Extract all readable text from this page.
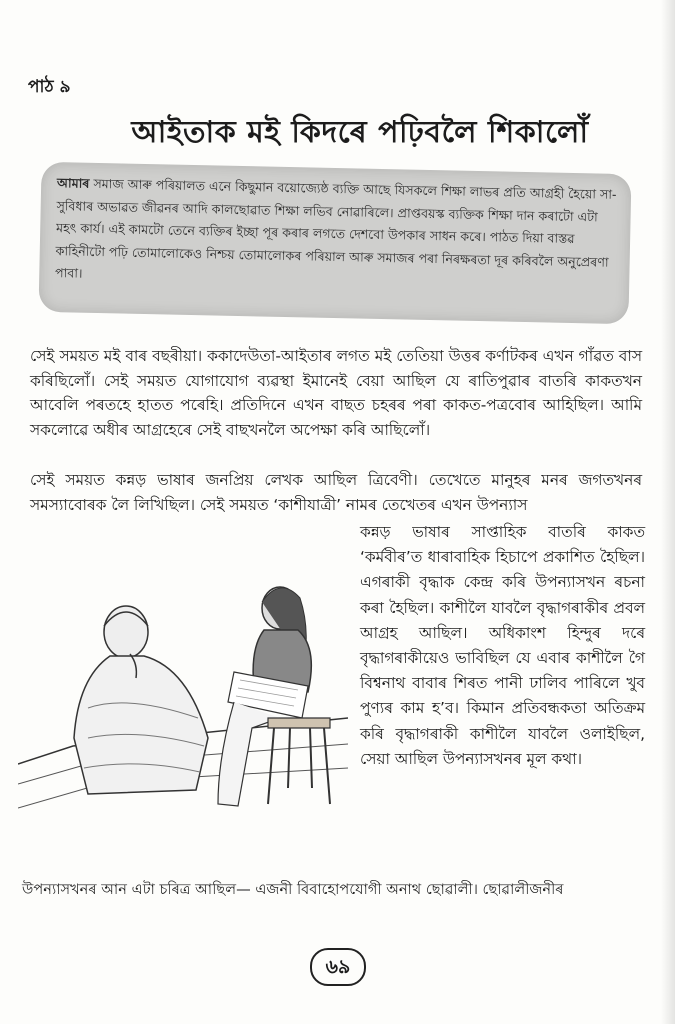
পাঠ ৯
আইতাক মই কিদৰে পঢ়িবলৈ শিকালোঁ
আমাৰ সমাজ আৰু পৰিয়ালত এনে কিছুমান বয়োজ্যেষ্ঠ ব্যক্তি আছে যিসকলে শিক্ষা লাভৰ প্ৰতি আগ্ৰহী হৈয়ো সা-সুবিধাৰ অভাৱত জীৱনৰ আদি কালছোৱাত শিক্ষা লভিব নোৱাৰিলে। প্ৰাপ্তবয়স্ক ব্যক্তিক শিক্ষা দান কৰাটো এটা মহৎ কাৰ্য। এই কামটো তেনে ব্যক্তিৰ ইচ্ছা পূৰ কৰাৰ লগতে দেশবো উপকাৰ সাধন কৰে। পাঠত দিয়া বাস্তৱ কাহিনীটো পঢ়ি তোমালোকেও নিশ্চয় তোমালোকৰ পৰিয়াল আৰু সমাজৰ পৰা নিৰক্ষৰতা দূৰ কৰিবলৈ অনুপ্ৰেৰণা পাবা।
সেই সময়ত মই বাৰ বছৰীয়া। ককাদেউতা-আইতাৰ লগত মই তেতিয়া উত্তৰ কৰ্ণাটকৰ এখন গাঁৱত বাস কৰিছিলোঁ। সেই সময়ত যোগাযোগ ব্যৱস্থা ইমানেই বেয়া আছিল যে ৰাতিপুৱাৰ বাতৰি কাকতখন আবেলি পৰতহে হাতত পৰেহি। প্ৰতিদিনে এখন বাছত চহৰৰ পৰা কাকত-পত্ৰবোৰ আহিছিল। আমি সকলোৱে অধীৰ আগ্ৰহেৰে সেই বাছখনলৈ অপেক্ষা কৰি আছিলোঁ।
সেই সময়ত কন্নড় ভাষাৰ জনপ্ৰিয় লেখক আছিল ত্ৰিবেণী। তেখেতে মানুহৰ মনৰ জগতখনৰ সমস্যাবোৰক লৈ লিখিছিল। সেই সময়ত ‘কাশীযাত্ৰী’ নামৰ তেখেতৰ এখন উপন্যাস
কন্নড় ভাষাৰ সাপ্তাহিক বাতৰি কাকত ‘কৰ্মবীৰ’ত ধাৰাবাহিক হিচাপে প্ৰকাশিত হৈছিল। এগৰাকী বৃদ্ধাক কেন্দ্ৰ কৰি উপন্যাসখন ৰচনা কৰা হৈছিল। কাশীলৈ যাবলৈ বৃদ্ধাগৰাকীৰ প্ৰবল আগ্ৰহ আছিল। অধিকাংশ হিন্দুৰ দৰে বৃদ্ধাগৰাকীয়েও ভাবিছিল যে এবাৰ কাশীলৈ গৈ বিশ্বনাথ বাবাৰ শিৰত পানী ঢালিব পাৰিলে খুব পুণ্যৰ কাম হ’ব। কিমান প্ৰতিবন্ধকতা অতিক্ৰম কৰি বৃদ্ধাগৰাকী কাশীলৈ যাবলৈ ওলাইছিল, সেয়া আছিল উপন্যাসখনৰ মূল কথা।
উপন্যাসখনৰ আন এটা চৰিত্ৰ আছিল— এজনী বিবাহোপযোগী অনাথ ছোৱালী। ছোৱালীজনীৰ
৬৯
